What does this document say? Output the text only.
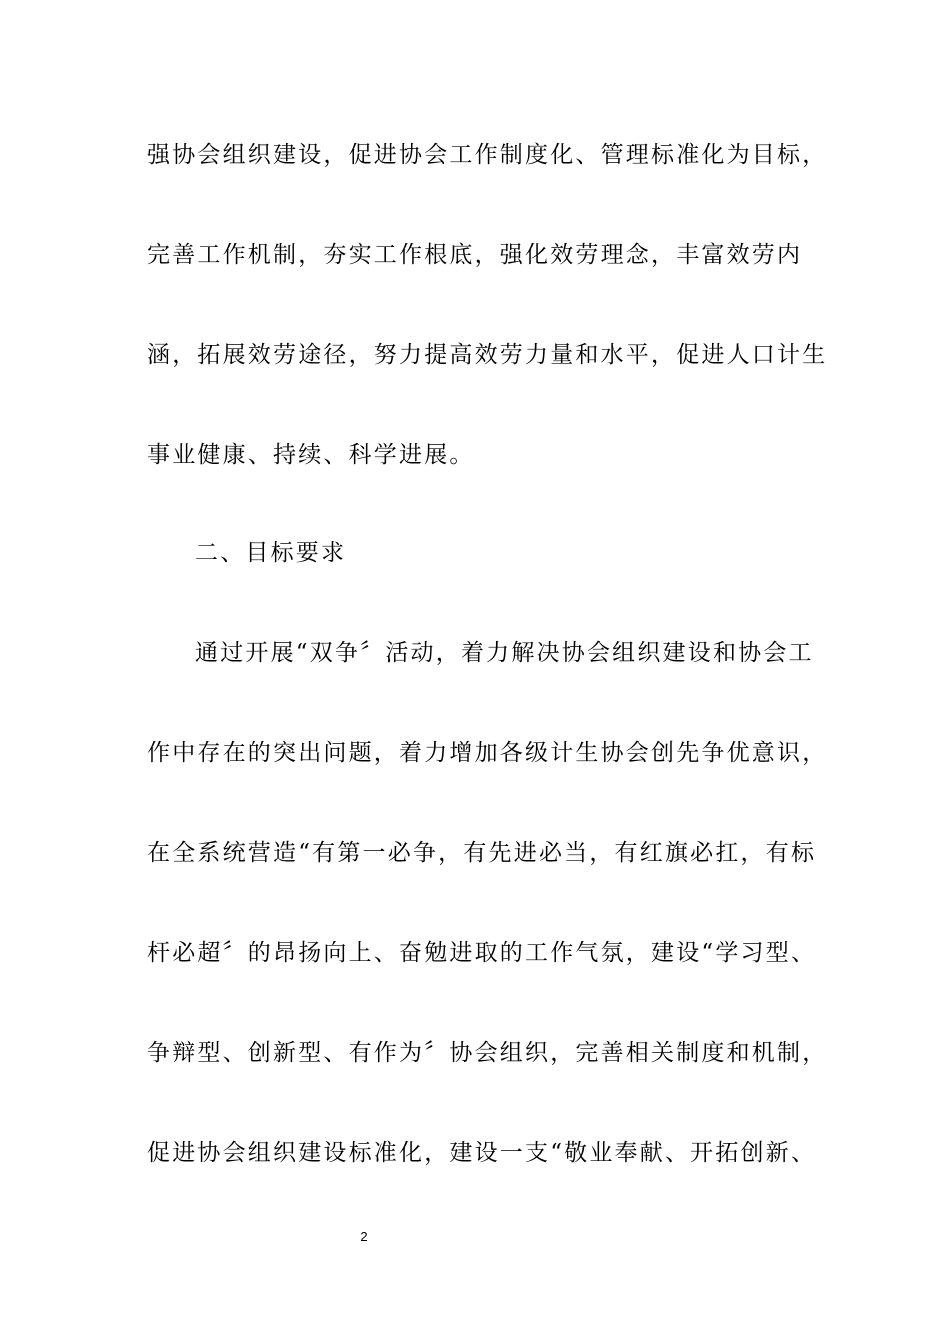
强协会组织建设，促进协会工作制度化、管理标准化为目标，
完善工作机制，夯实工作根底，强化效劳理念，丰富效劳内
涵，拓展效劳途径，努力提高效劳力量和水平，促进人口计生
事业健康、持续、科学进展。
二、目标要求
通过开展“双争〞活动，着力解决协会组织建设和协会工
作中存在的突出问题，着力增加各级计生协会创先争优意识，
在全系统营造“有第一必争，有先进必当，有红旗必扛，有标
杆必超〞的昂扬向上、奋勉进取的工作气氛，建设“学习型、
争辩型、创新型、有作为〞协会组织，完善相关制度和机制，
促进协会组织建设标准化，建设一支“敬业奉献、开拓创新、
2
